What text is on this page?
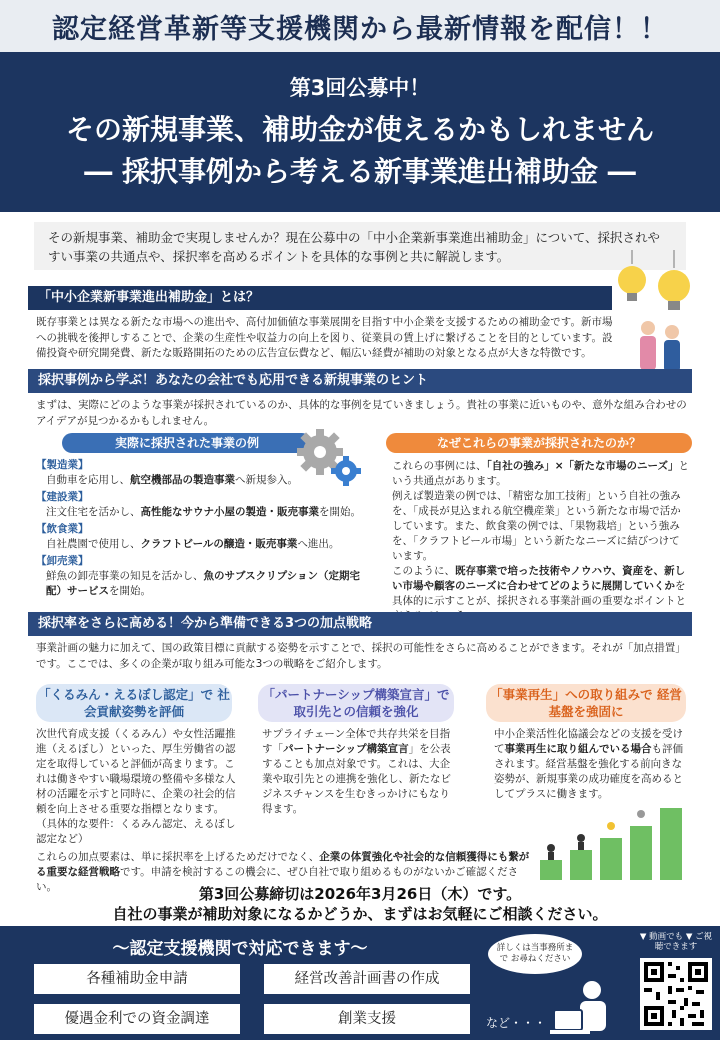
認定経営革新等支援機関から最新情報を配信！！
第3回公募中！
その新規事業、補助金が使えるかもしれません
― 採択事例から考える新事業進出補助金 ―

その新規事業、補助金で実現しませんか？現在公募中の「中小企業新事業進出補助金」について、採択されやすい事業の共通点や、採択率を高めるポイントを具体的な事例と共に解説します。

「中小企業新事業進出補助金」とは？

既存事業とは異なる新たな市場への進出や、高付加価値な事業展開を目指す中小企業を支援するための補助金です。新市場への挑戦を後押しすることで、企業の生産性や収益力の向上を図り、従業員の賃上げに繋げることを目的としています。設備投資や研究開発費、新たな販路開拓のための広告宣伝費など、幅広い経費が補助の対象となる点が大きな特徴です。

採択事例から学ぶ！あなたの会社でも応用できる新規事業のヒント

まずは、実際にどのような事業が採択されているのか、具体的な事例を見ていきましょう。貴社の事業に近いものや、意外な組み合わせのアイデアが見つかるかもしれません。

実際に採択された事業の例
【製造業】
自動車を応用し、航空機部品の製造事業へ新規参入。
【建設業】
注文住宅を活かし、高性能なサウナ小屋の製造・販売事業を開始。
【飲食業】
自社農園で使用し、クラフトビールの醸造・販売事業へ進出。
【卸売業】
鮮魚の卸売事業の知見を活かし、魚のサブスクリプション（定期宅配）サービスを開始。
なぜこれらの事業が採択されたのか？
これらの事例には、「自社の強み」×「新たな市場のニーズ」という共通点があります。
例えば製造業の例では、「精密な加工技術」という自社の強みを、「成長が見込まれる航空機産業」という新たな市場で活かしています。また、飲食業の例では、「果物栽培」という強みを、「クラフトビール市場」という新たなニーズに結びつけています。
このように、既存事業で培った技術やノウハウ、資産を、新しい市場や顧客のニーズに合わせてどのように展開していくかを具体的に示すことが、採択される事業計画の重要なポイントと
採択率をさらに高める！今から準備できる3つの加点戦略

事業計画の魅力に加えて、国の政策目標に貢献する姿勢を示すことで、採択の可能性をさらに高めることができます。それが「加点措置」です。ここでは、多くの企業が取り組み可能な3つの戦略をご紹介します。

「くるみん・えるぼし認定」で 社会貢献姿勢を評価

次世代育成支援（くるみん）や女性活躍推進（えるぼし）といった、厚生労働省の認定を取得していると評価が高まります。これは働きやすい職場環境の整備や多様な人材の活躍を示すと同時に、企業の社会的信頼を向上させる重要な指標となります。（具体的な要件：くるみん認定、えるぼし認定など）

「パートナーシップ構築宣言」で 取引先との信頼を強化
サプライチェーン全体で共存共栄を目指す「パートナーシップ構築宣言」を公表することも加点対象です。これは、大企業や取引先との連携を強化し、新たなビジネスチャンスを生むきっかけにもなり得ます。
「事業再生」への取り組みで 経営基盤を強固に
中小企業活性化協議会などの支援を受けて事業再生に取り組んでいる場合も評価されます。経営基盤を強化する前向きな姿勢が、新規事業の成功確度を高めるとしてプラスに働きます。
これらの加点要素は、単に採択率を上げるためだけでなく、企業の体質強化や社会的な信頼獲得にも繋がる重要な経営戦略です。申請を検討するこの機会に、ぜひ自社で取り組めるものがないかご確認ください。	第3回公募締切は2026年3月26日（木）です。
自社の事業が補助対象になるかどうか、まずはお気軽にご相談ください。
～認定支援機関で対応できます～
各種補助金申請	経営改善計画書の作成
優遇金利での資金調達	創業支援	など・・・
詳しくは当事務所まで お尋ねください
▼ 動画でも ▼ ご視聴できます
